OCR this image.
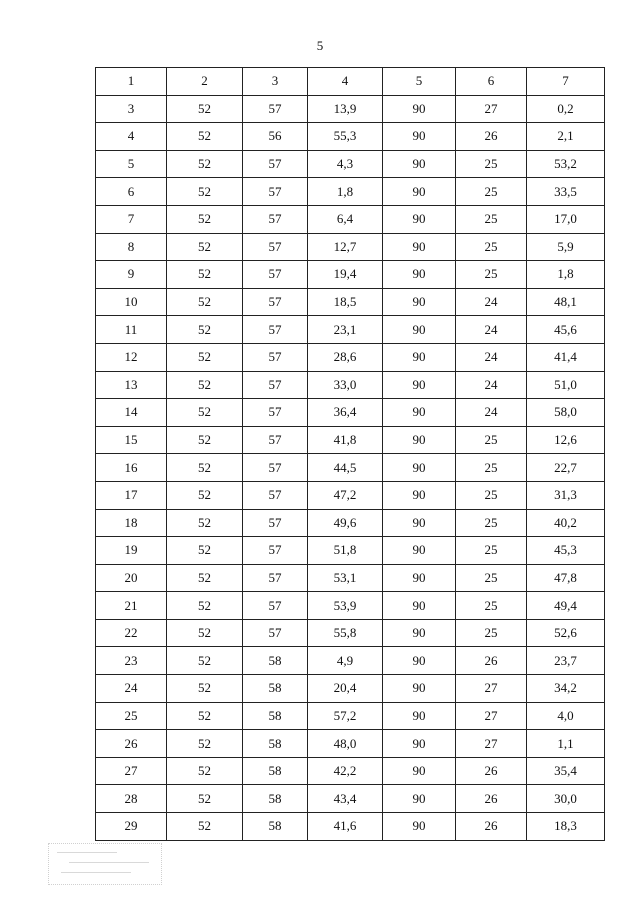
5
1	2	3	4	5	6	7
3	52	57	13,9	90	27	0,2
4	52	56	55,3	90	26	2,1
5	52	57	4,3	90	25	53,2
6	52	57	1,8	90	25	33,5
7	52	57	6,4	90	25	17,0
8	52	57	12,7	90	25	5,9
9	52	57	19,4	90	25	1,8
10	52	57	18,5	90	24	48,1
11	52	57	23,1	90	24	45,6
12	52	57	28,6	90	24	41,4
13	52	57	33,0	90	24	51,0
14	52	57	36,4	90	24	58,0
15	52	57	41,8	90	25	12,6
16	52	57	44,5	90	25	22,7
17	52	57	47,2	90	25	31,3
18	52	57	49,6	90	25	40,2
19	52	57	51,8	90	25	45,3
20	52	57	53,1	90	25	47,8
21	52	57	53,9	90	25	49,4
22	52	57	55,8	90	25	52,6
23	52	58	4,9	90	26	23,7
24	52	58	20,4	90	27	34,2
25	52	58	57,2	90	27	4,0
26	52	58	48,0	90	27	1,1
27	52	58	42,2	90	26	35,4
28	52	58	43,4	90	26	30,0
29	52	58	41,6	90	26	18,3
